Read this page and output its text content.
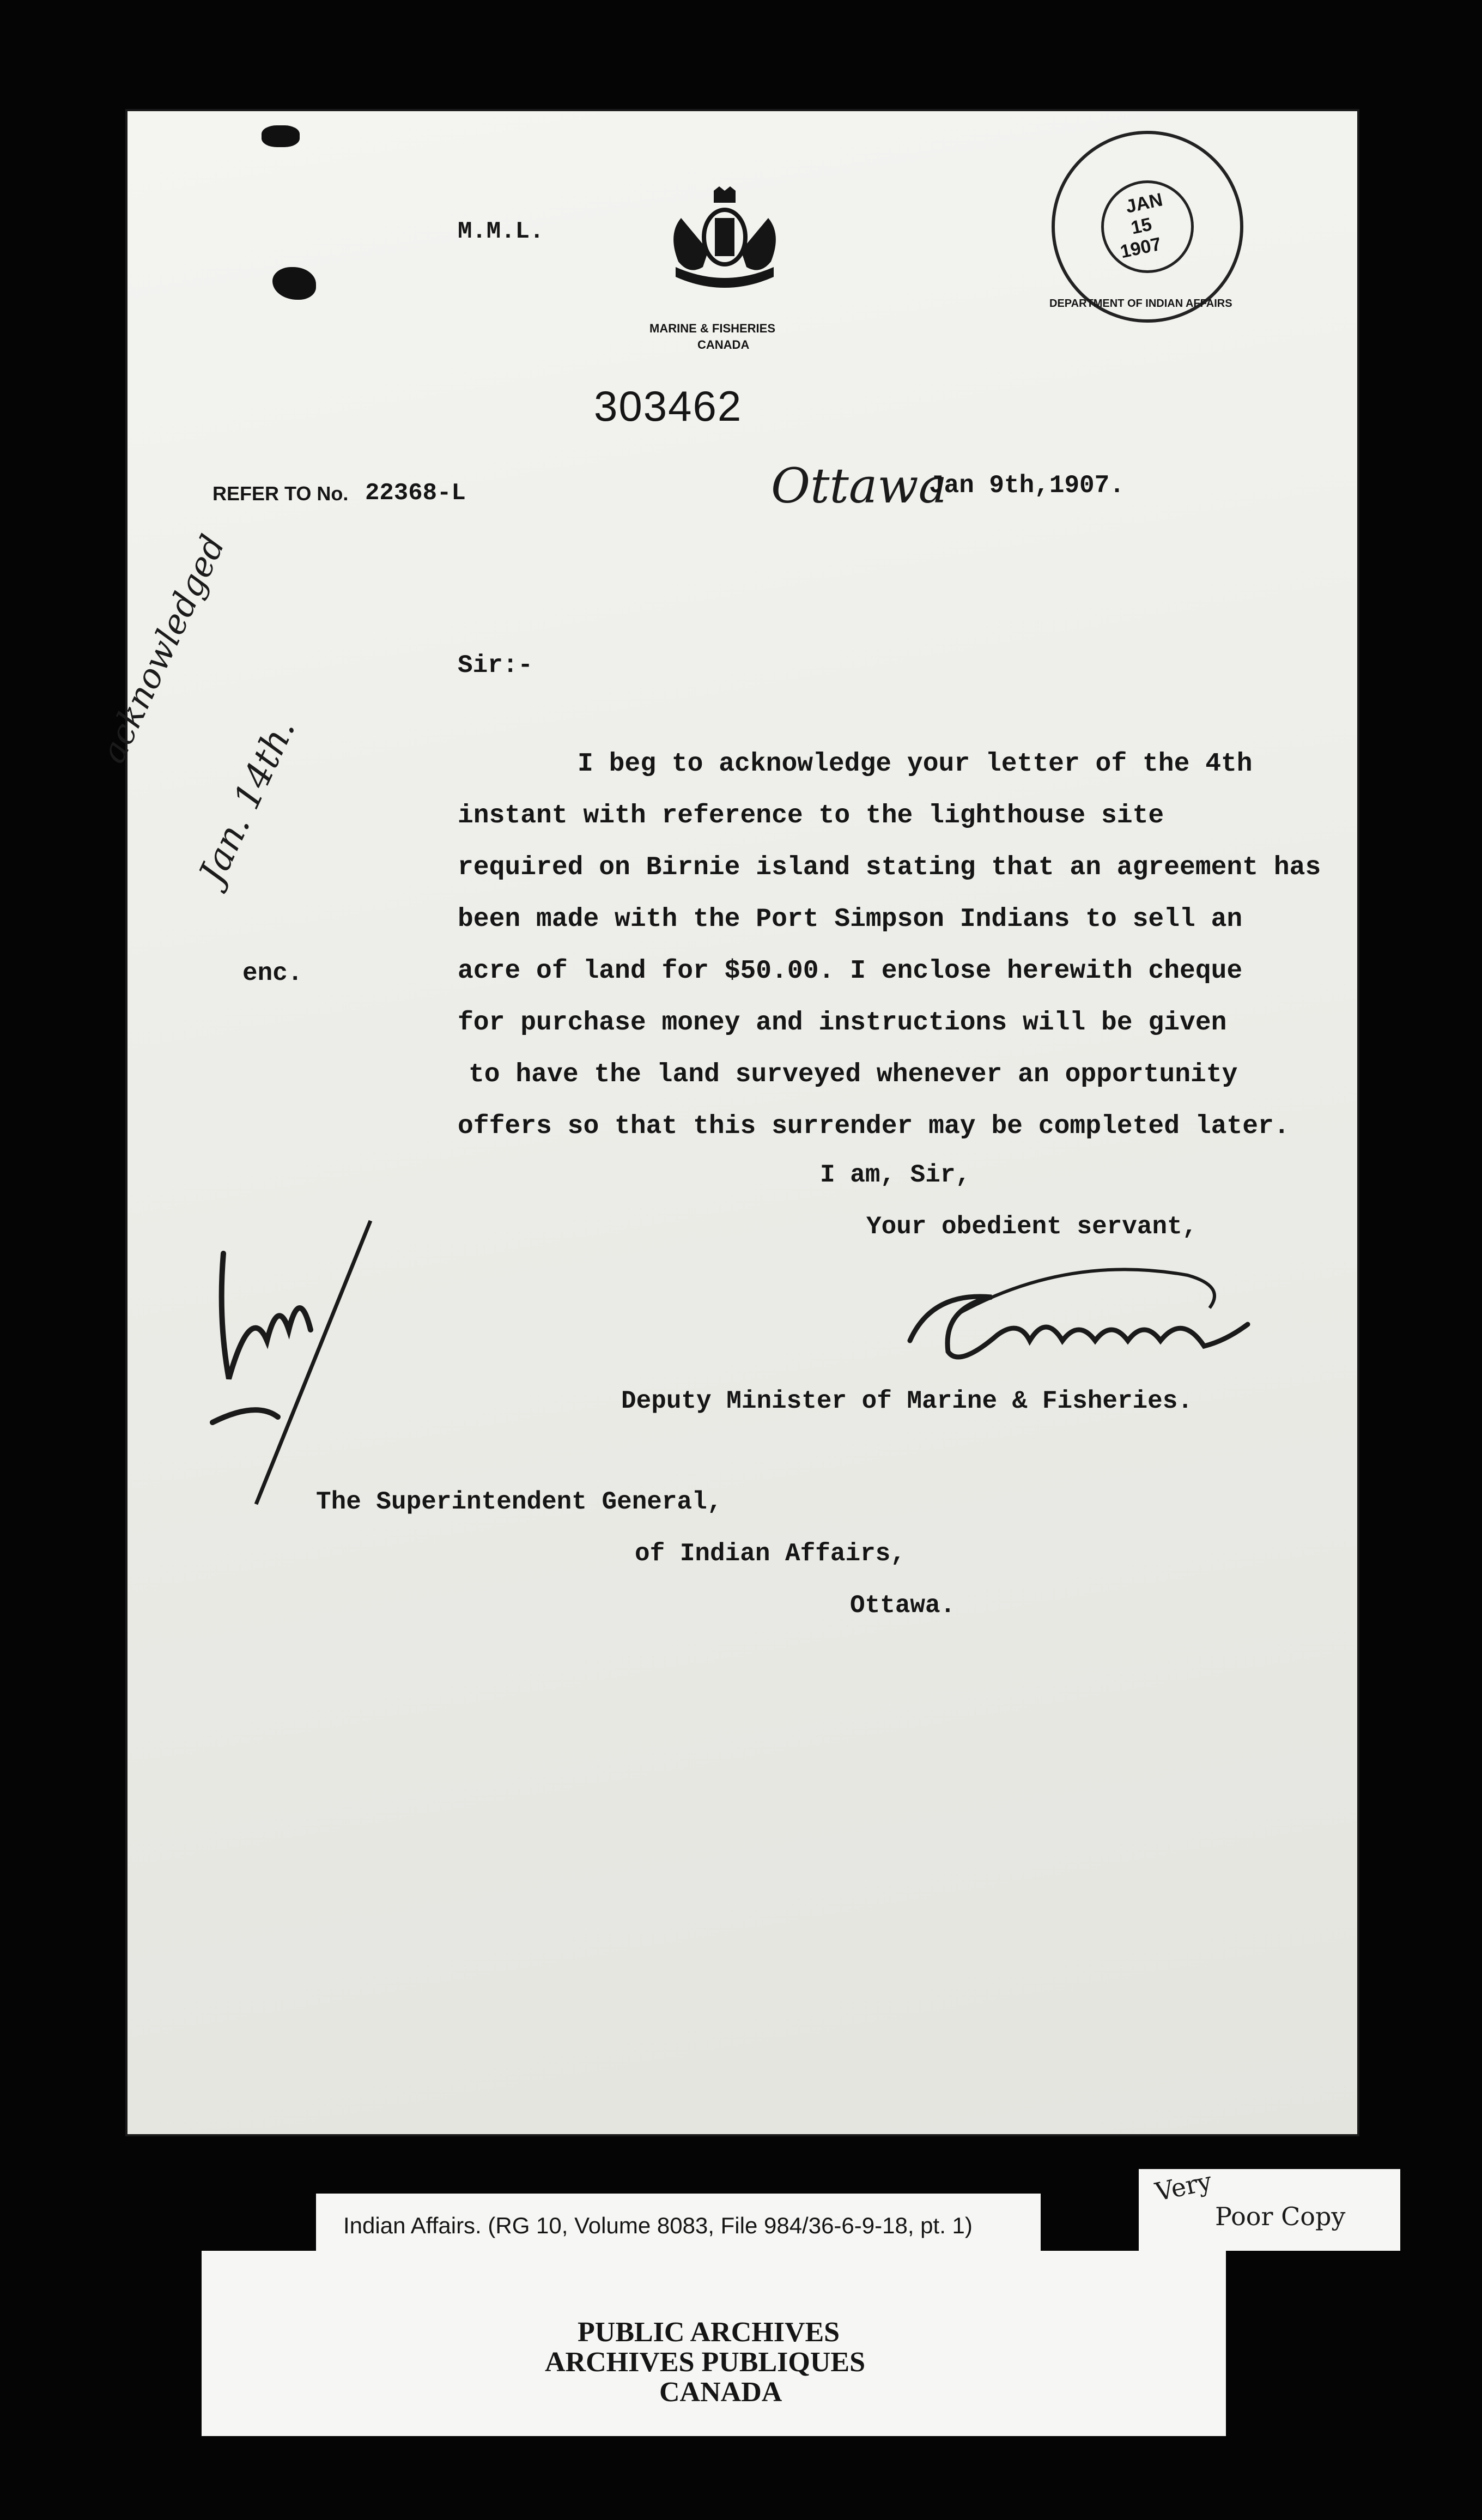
M.M.L.
MARINE & FISHERIES
CANADA
303462
JAN
15
1907
DEPARTMENT OF INDIAN AFFAIRS
REFER TO No. 22368-L	Ottawa
Jan 9th,1907.
acknowledged
Jan. 14th.
Sir:-
I beg to acknowledge your letter of the 4th
instant with reference to the lighthouse site
required on Birnie island stating that an agreement has
been made with the Port Simpson Indians to sell an
acre of land for $50.00. I enclose herewith cheque
for purchase money and instructions will be given
to have the land surveyed whenever an opportunity
offers so that this surrender may be completed later.
enc.
I am, Sir,
Your obedient servant,
Deputy Minister of Marine & Fisheries.
The Superintendent General,
of Indian Affairs,
Ottawa.
Indian Affairs. (RG 10, Volume 8083, File 984/36-6-9-18, pt. 1)
Very
Poor Copy
PUBLIC ARCHIVES
ARCHIVES PUBLIQUES
CANADA
